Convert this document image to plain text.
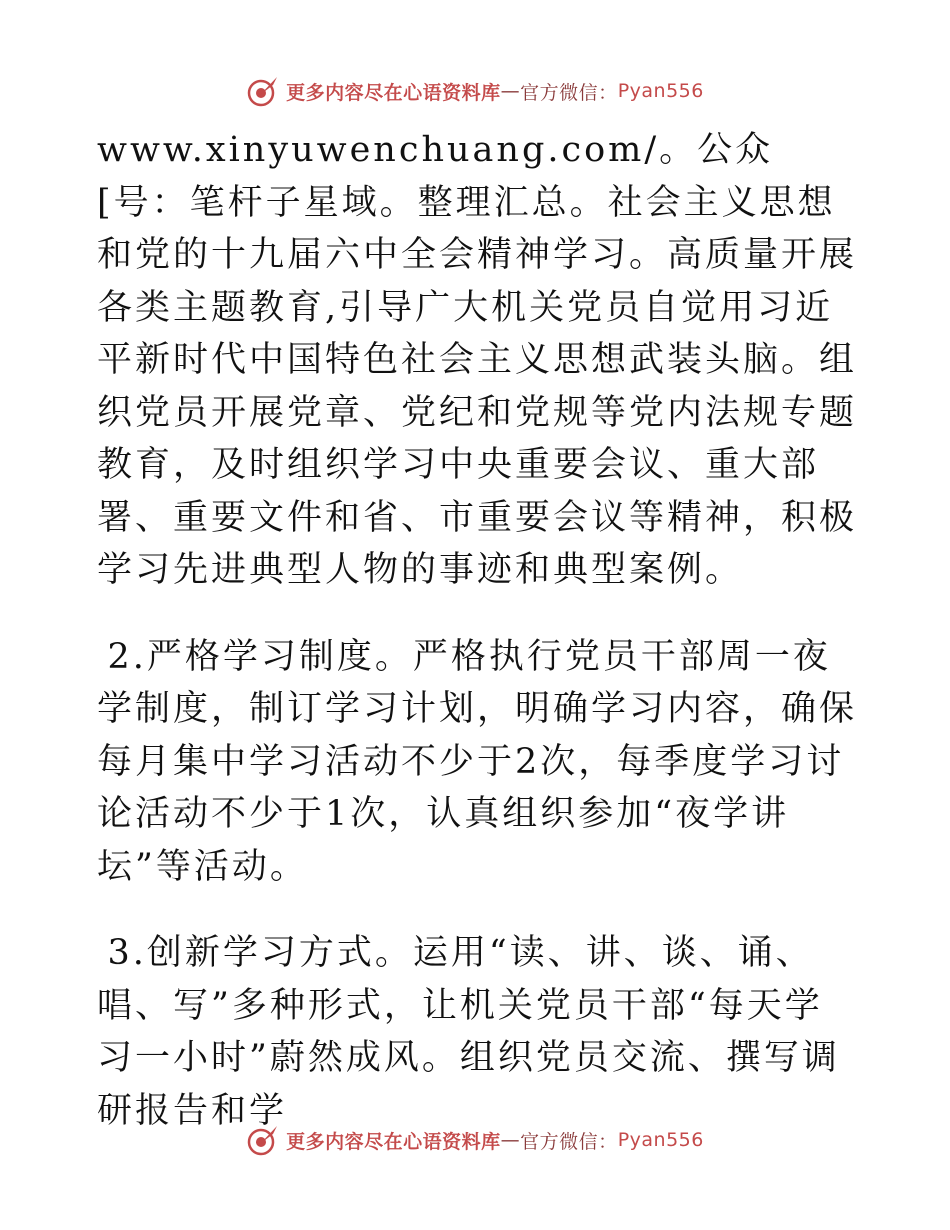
更多内容尽在心语资料库 — 官方微信： Pyan556

www.xinyuwenchuang.com/。公众[号：笔杆子星域。整理汇总。社会主义思想和党的十九届六中全会精神学习。高质量开展各类主题教育,引导广大机关党员自觉用习近平新时代中国特色社会主义思想武装头脑。组织党员开展党章、党纪和党规等党内法规专题教育，及时组织学习中央重要会议、重大部署、重要文件和省、市重要会议等精神，积极学习先进典型人物的事迹和典型案例。

2.严格学习制度。严格执行党员干部周一夜学制度，制订学习计划，明确学习内容，确保每月集中学习活动不少于2次，每季度学习讨论活动不少于1次，认真组织参加“夜学讲坛”等活动。

3.创新学习方式。运用“读、讲、谈、诵、唱、写”多种形式，让机关党员干部“每天学习一小时”蔚然成风。组织党员交流、撰写调研报告和学

更多内容尽在心语资料库 — 官方微信： Pyan556
